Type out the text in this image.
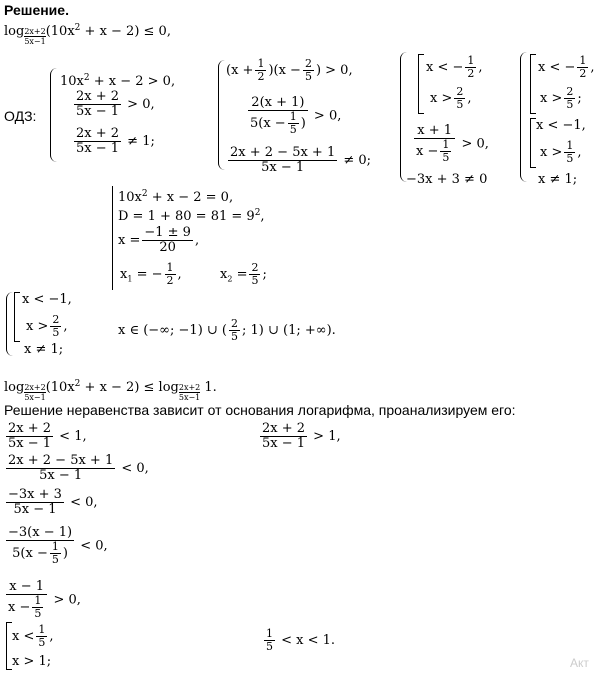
Решение.
$\log \frac{2x+2}{5x-1} (10x^2 + x - 2) \le 0$,
ОДЗ:
$10x^2 + x - 2 > 0$,
$\frac{2x + 2}{5x - 1} > 0$,
$\frac{2x + 2}{5x - 1} \ne 1$;
$(x + \frac{1}{2} )(x - \frac{2}{5}$ ) > 0,
$\frac{2(x + 1)}{5(x - \frac{1}{5} )} > 0$,
$\frac{2x + 2 - 5x + 1}{5x - 1} \ne 0$;
x < − $\frac{1}{2}$ ,
$x > \frac{2}{5}$ ,
$\frac{x + 1}{x - \frac{1}{5}} > 0$,
−3x + 3 ≠ 0
x < − $\frac{1}{2}$ ,
$x > \frac{2}{5}$ ;
x < −1,
$x > \frac{1}{5}$ ,
x ≠ 1;
$10x^2 + x - 2 = 0$,
$D = 1 + 80 = 81 = 9^2$,
$x = \frac{-1 \pm 9}{20}$ ,
$x_1$ = − $\frac{1}{2}$ ,	$x_2 = \frac{2}{5}$ ;
x < −1,
$x > \frac{2}{5}$ ,
x ≠ 1;
x ∈ (−∞; −1) ∪ ( $\frac{2}{5}$ ; 1) ∪ (1; +∞).
$\log \frac{2x+2}{5x-1} (10x^2 + x - 2) \le \log \frac{2x+2}{5x-1} 1$.
Решение неравенства зависит от основания логарифма, проанализируем его:
$\frac{2x + 2}{5x - 1} < 1$,
$\frac{2x + 2 - 5x + 1}{5x - 1} < 0$,
$\frac{-3x + 3}{5x - 1} < 0$,
$\frac{-3(x - 1)}{5(x - \frac{1}{5} )} < 0$,
$\frac{x - 1}{x - \frac{1}{5}} > 0$,
$x < \frac{1}{5}$ ,
x > 1;
$\frac{2x + 2}{5x - 1} > 1$,
$\frac{1}{5} < x < 1$.
Акт
